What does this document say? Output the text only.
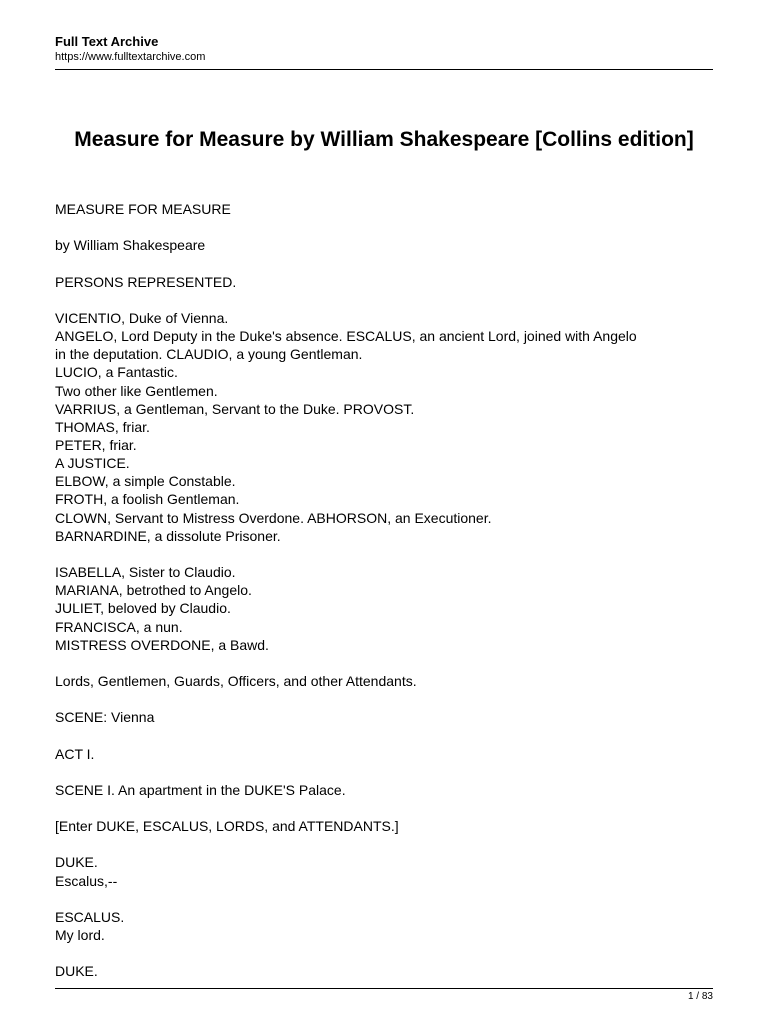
Full Text Archive
https://www.fulltextarchive.com
Measure for Measure by William Shakespeare [Collins edition]
MEASURE FOR MEASURE
by William Shakespeare
PERSONS REPRESENTED.
VICENTIO, Duke of Vienna.
ANGELO, Lord Deputy in the Duke's absence. ESCALUS, an ancient Lord, joined with Angelo
in the deputation. CLAUDIO, a young Gentleman.
LUCIO, a Fantastic.
Two other like Gentlemen.
VARRIUS, a Gentleman, Servant to the Duke. PROVOST.
THOMAS, friar.
PETER, friar.
A JUSTICE.
ELBOW, a simple Constable.
FROTH, a foolish Gentleman.
CLOWN, Servant to Mistress Overdone. ABHORSON, an Executioner.
BARNARDINE, a dissolute Prisoner.
ISABELLA, Sister to Claudio.
MARIANA, betrothed to Angelo.
JULIET, beloved by Claudio.
FRANCISCA, a nun.
MISTRESS OVERDONE, a Bawd.
Lords, Gentlemen, Guards, Officers, and other Attendants.
SCENE: Vienna
ACT I.
SCENE I. An apartment in the DUKE'S Palace.
[Enter DUKE, ESCALUS, LORDS, and ATTENDANTS.]
DUKE.
Escalus,--
ESCALUS.
My lord.
DUKE.
1 / 83
